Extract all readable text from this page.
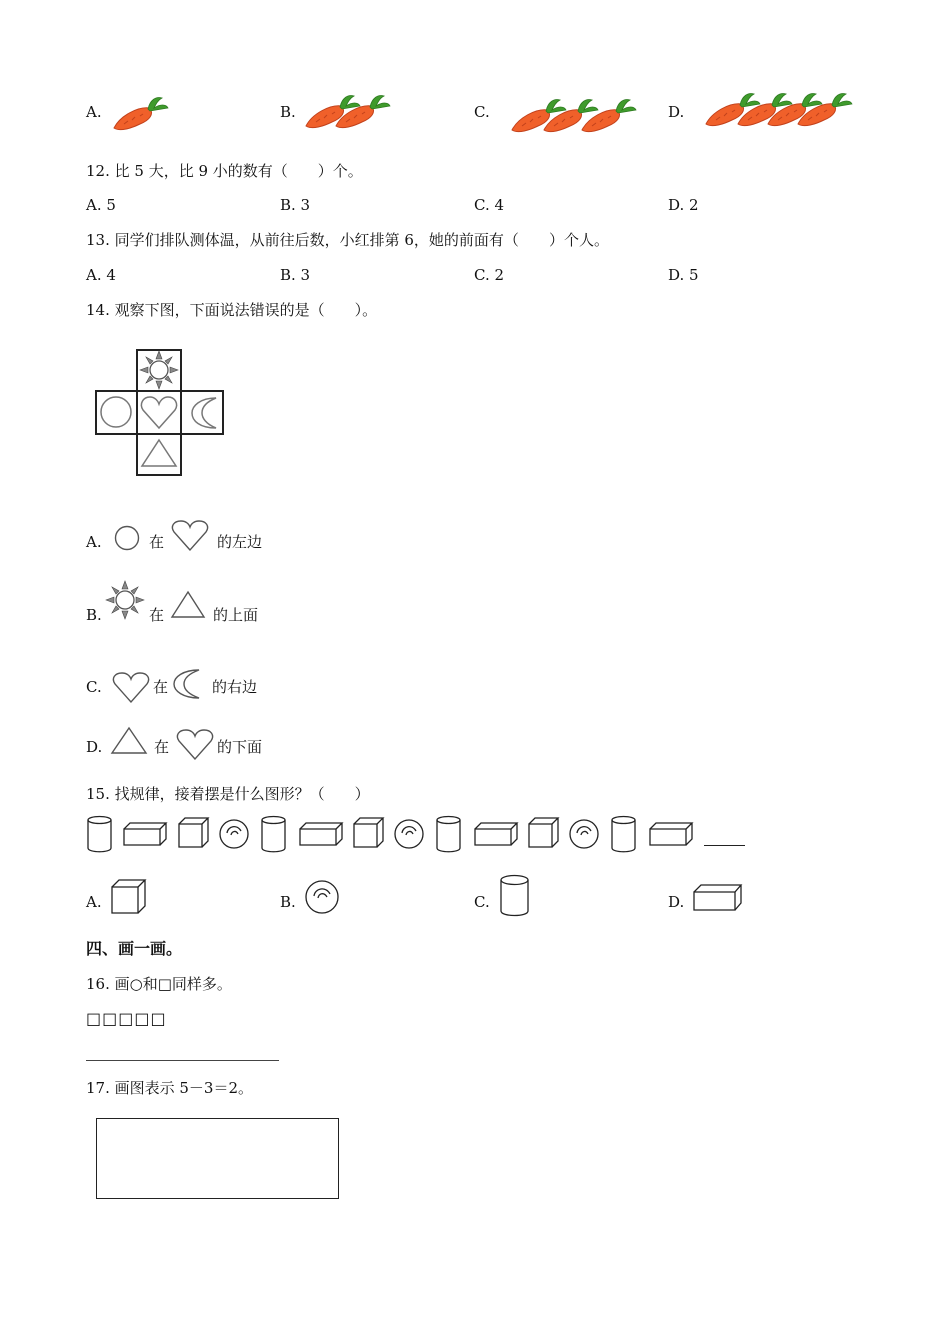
A.	B.	C.	D.
12. 比 5 大，比 9 小的数有（　　）个。
A. 5	B. 3	C. 4	D. 2
13. 同学们排队测体温，从前往后数，小红排第 6，她的前面有（　　）个人。
A. 4	B. 3	C. 2	D. 5
14. 观察下图，下面说法错误的是（　　）。
A.	在	的左边
B.	在	的上面
C.	在	的右边
D.	在	的下面
15. 找规律，接着摆是什么图形？（　　）
A.	B.	C.	D.
四、画一画。
16. 画○和□同样多。
□□□□□
17. 画图表示 5－3＝2。
